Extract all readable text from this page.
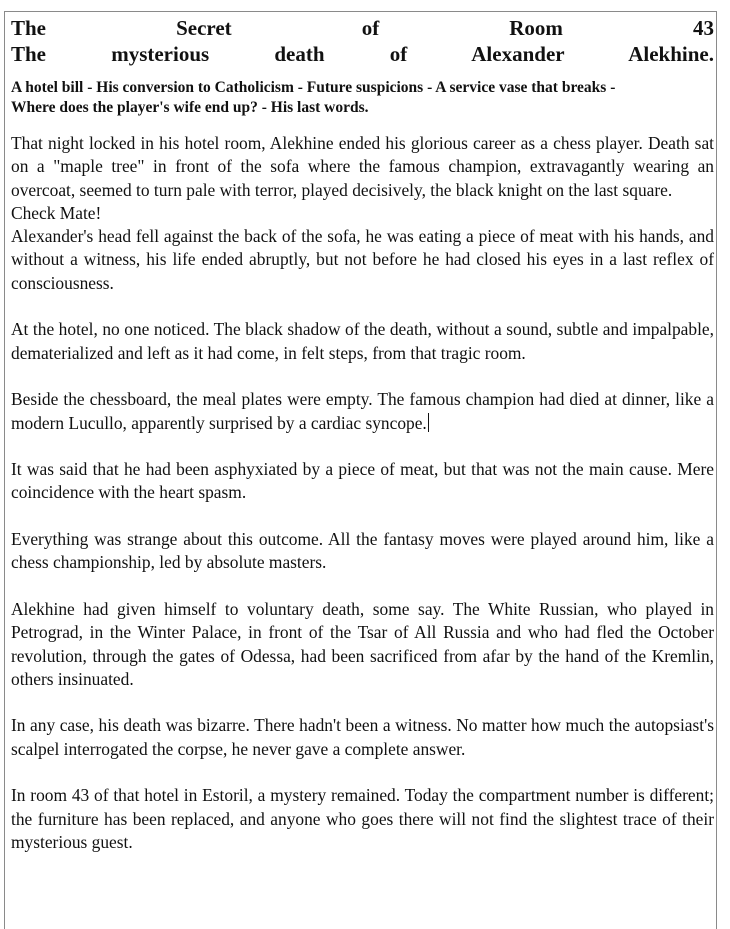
The Secret of Room 43
The mysterious death of Alexander Alekhine.
A hotel bill - His conversion to Catholicism - Future suspicions - A service vase that breaks -
Where does the player's wife end up? - His last words.

That night locked in his hotel room, Alekhine ended his glorious career as a chess player. Death sat on a "maple tree" in front of the sofa where the famous champion, extravagantly wearing an overcoat, seemed to turn pale with terror, played decisively, the black knight on the last square.

Check Mate!

Alexander's head fell against the back of the sofa, he was eating a piece of meat with his hands, and without a witness, his life ended abruptly, but not before he had closed his eyes in a last reflex of consciousness.

At the hotel, no one noticed. The black shadow of the death, without a sound, subtle and impalpable, dematerialized and left as it had come, in felt steps, from that tragic room.

Beside the chessboard, the meal plates were empty. The famous champion had died at dinner, like a modern Lucullo, apparently surprised by a cardiac syncope.

It was said that he had been asphyxiated by a piece of meat, but that was not the main cause. Mere coincidence with the heart spasm.

Everything was strange about this outcome. All the fantasy moves were played around him, like a chess championship, led by absolute masters.

Alekhine had given himself to voluntary death, some say. The White Russian, who played in Petrograd, in the Winter Palace, in front of the Tsar of All Russia and who had fled the October revolution, through the gates of Odessa, had been sacrificed from afar by the hand of the Kremlin, others insinuated.

In any case, his death was bizarre. There hadn't been a witness. No matter how much the autopsiast's scalpel interrogated the corpse, he never gave a complete answer.

In room 43 of that hotel in Estoril, a mystery remained. Today the compartment number is different; the furniture has been replaced, and anyone who goes there will not find the slightest trace of their mysterious guest.
